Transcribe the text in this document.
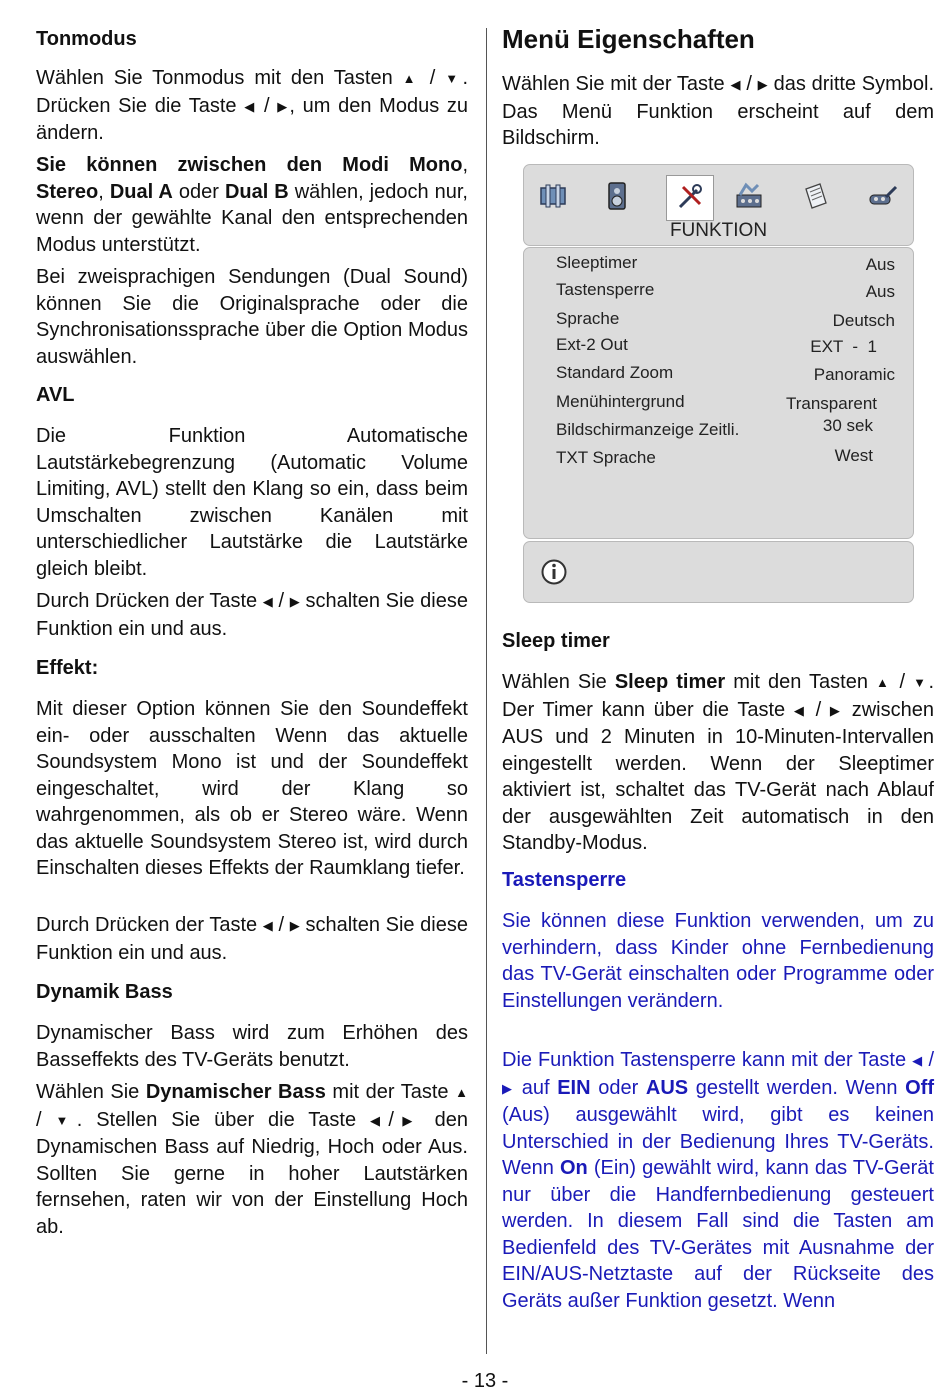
Tonmodus

Wählen Sie Tonmodus mit den Tasten ▲ / ▼. Drücken Sie die Taste ◀ / ▶, um den Modus zu ändern.

Sie können zwischen den Modi Mono, Stereo, Dual A oder Dual B wählen, jedoch nur, wenn der gewählte Kanal den entsprechenden Modus unterstützt.

Bei zweisprachigen Sendungen (Dual Sound) können Sie die Originalsprache oder die Synchronisationssprache über die Option Modus auswählen.

AVL

Die Funktion Automatische Lautstärkebegrenzung (Automatic Volume Limiting, AVL) stellt den Klang so ein, dass beim Umschalten zwischen Kanälen mit unterschiedlicher Lautstärke die Lautstärke gleich bleibt.

Durch Drücken der Taste ◀ / ▶ schalten Sie diese Funktion ein und aus.

Effekt:

Mit dieser Option können Sie den Soundeffekt ein- oder ausschalten Wenn das aktuelle Soundsystem Mono ist und der Soundeffekt eingeschaltet, wird der Klang so wahrgenommen, als ob er Stereo wäre. Wenn das aktuelle Soundsystem Stereo ist, wird durch Einschalten dieses Effekts der Raumklang tiefer.

Durch Drücken der Taste ◀ / ▶ schalten Sie diese Funktion ein und aus.

Dynamik Bass

Dynamischer Bass wird zum Erhöhen des Basseffekts des TV-Geräts benutzt.

Wählen Sie Dynamischer Bass mit der Taste ▲ / ▼. Stellen Sie über die Taste ◀/▶ den Dynamischen Bass auf Niedrig, Hoch oder Aus. Sollten Sie gerne in hoher Lautstärken fernsehen, raten wir von der Einstellung Hoch ab.

Menü Eigenschaften

Wählen Sie mit der Taste ◀ / ▶ das dritte Symbol. Das Menü Funktion erscheint auf dem Bildschirm.

FUNKTION
Sleeptimer	Aus
Tastensperre	Aus
Sprache	Deutsch
Ext-2 Out	EXT  -  1
Standard Zoom	Panoramic
Menühintergrund	Transparent
Bildschirmanzeige Zeitli.	30 sek
TXT Sprache	West
Sleep timer

Wählen Sie Sleep timer mit den Tasten ▲ / ▼. Der Timer kann über die Taste ◀ / ▶ zwischen AUS und 2 Minuten in 10-Minuten-Intervallen eingestellt werden. Wenn der Sleeptimer aktiviert ist, schaltet das TV-Gerät nach Ablauf der ausgewählten Zeit automatisch in den Standby-Modus.

Tastensperre

Sie können diese Funktion verwenden, um zu verhindern, dass Kinder ohne Fernbedienung das TV-Gerät einschalten oder Programme oder Einstellungen verändern.

Die Funktion Tastensperre kann mit der Taste ◀ / ▶ auf EIN oder AUS gestellt werden. Wenn Off (Aus) ausgewählt wird, gibt es keinen Unterschied in der Bedienung Ihres TV-Geräts. Wenn On (Ein) gewählt wird, kann das TV-Gerät nur über die Handfernbedienung gesteuert werden. In diesem Fall sind die Tasten am Bedienfeld des TV-Gerätes mit Ausnahme der EIN/AUS-Netztaste auf der Rückseite des Geräts außer Funktion gesetzt. Wenn

- 13 -
